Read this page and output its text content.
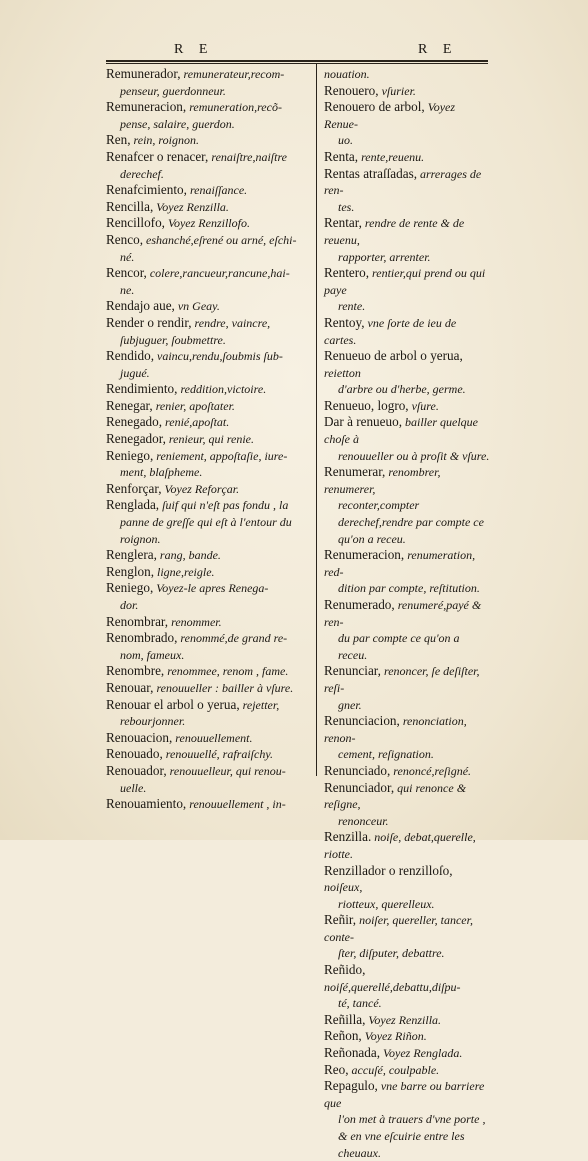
R E	R E
Remunerador, remunerateur,recom-
penseur, guerdonneur.
Remuneracion, remuneration,recõ-
pense, salaire, guerdon.
Ren, rein, roignon.
Renafcer o renacer, renaiſtre,naiſtre
derechef.
Renafcimiento, renaiſſance.
Rencilla, Voyez Renzilla.
Rencillofo, Voyez Renzillofo.
Renco, eshanché,eſrené ou arné, eſchi-
né.
Rencor, colere,rancueur,rancune,hai-
ne.
Rendajo aue, vn Geay.
Render o rendir, rendre, vaincre,
ſubjuguer, ſoubmettre.
Rendido, vaincu,rendu,ſoubmis ſub-
jugué.
Rendimiento, reddition,victoire.
Renegar, renier, apoſtater.
Renegado, renié,apoſtat.
Renegador, renieur, qui renie.
Reniego, reniement, appoſtaſie, iure-
ment, blaſpheme.
Renforçar, Voyez Reforçar.
Renglada, ſuif qui n'eſt pas fondu , la
panne de greſſe qui eſt à l'entour du roignon.
Renglera, rang, bande.
Renglon, ligne,reigle.
Reniego, Voyez-le apres Renega-
dor.
Renombrar, renommer.
Renombrado, renommé,de grand re-
nom, fameux.
Renombre, renommee, renom , fame.
Renouar, renouueller : bailler à vſure.
Renouar el arbol o yerua, rejetter,
rebourjonner.
Renouacion, renouuellement.
Renouado, renouuellé, rafraiſchy.
Renouador, renouuelleur, qui renou-
uelle.
Renouamiento, renouuellement , in-
nouation.
Renouero, vſurier.
Renouero de arbol, Voyez Renue-
uo.
Renta, rente,reuenu.
Rentas atraſſadas, arrerages de ren-
tes.
Rentar, rendre de rente & de reuenu,
rapporter, arrenter.
Rentero, rentier,qui prend ou qui paye
rente.
Rentoy, vne ſorte de ieu de cartes.
Renueuo de arbol o yerua, reietton
d'arbre ou d'herbe, germe.
Renueuo, logro, vſure.
Dar à renueuo, bailler quelque choſe à
renouueller ou à proſit & vſure.
Renumerar, renombrer, renumerer,
reconter,compter derechef,rendre par compte ce qu'on a receu.
Renumeracion, renumeration, red-
dition par compte, reſtitution.
Renumerado, renumeré,payé & ren-
du par compte ce qu'on a receu.
Renunciar, renoncer, ſe deſiſter, reſi-
gner.
Renunciacion, renonciation, renon-
cement, reſignation.
Renunciado, renoncé,reſigné.
Renunciador, qui renonce & reſigne,
renonceur.
Renzilla. noiſe, debat,querelle, riotte.
Renzillador o renzilloſo, noiſeux,
riotteux, querelleux.
Reñir, noiſer, quereller, tancer, conte-
ſter, diſputer, debattre.
Reñido, noiſé,querellé,debattu,diſpu-
té, tancé.
Reñilla, Voyez Renzilla.
Reñon, Voyez Riñon.
Reñonada, Voyez Renglada.
Reo, accuſé, coulpable.
Repagulo, vne barre ou barriere que
l'on met à trauers d'vne porte , & en vne eſcuirie entre les cheuaux.
